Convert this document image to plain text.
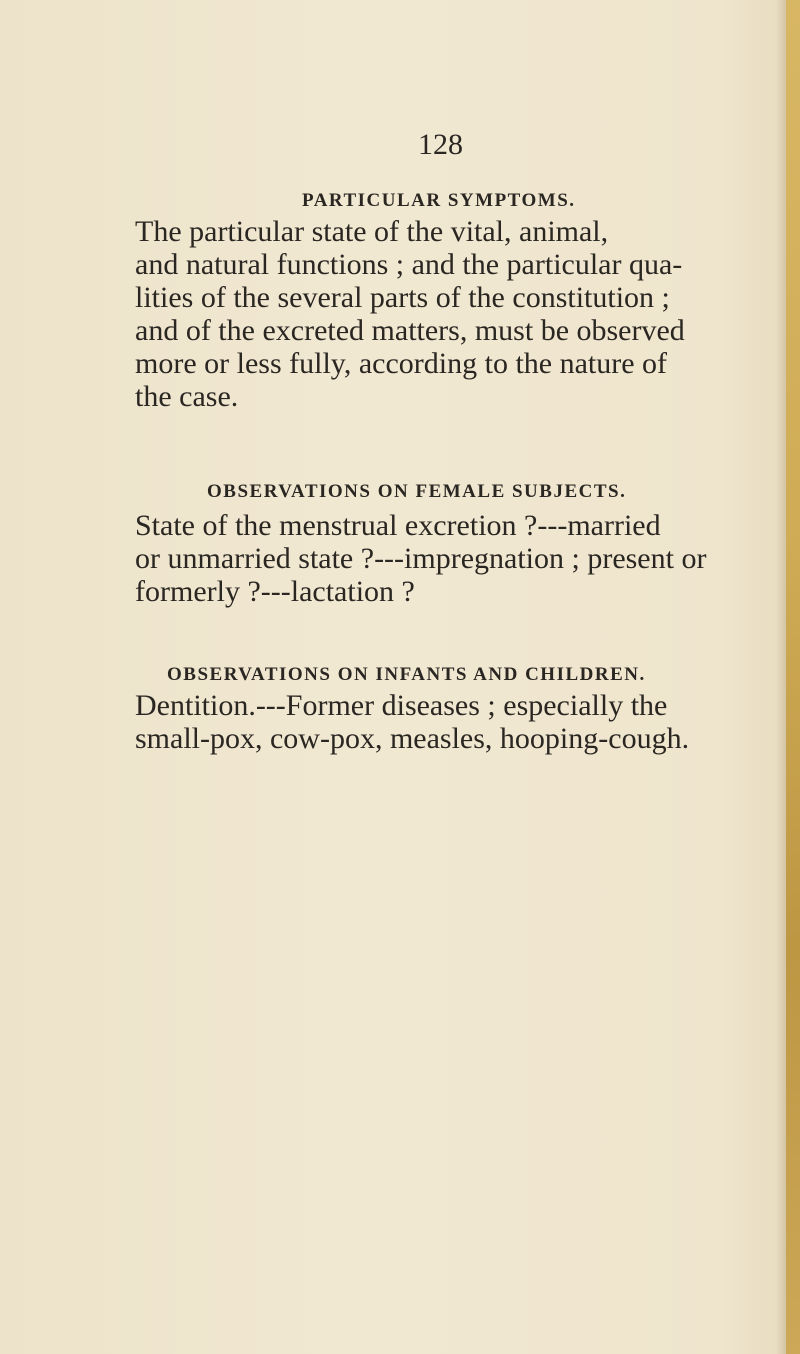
128
PARTICULAR SYMPTOMS.
The particular state of the vital, animal,
and natural functions ; and the particular qua-
lities of the several parts of the constitution ;
and of the excreted matters, must be observed
more or less fully, according to the nature of
the case.
OBSERVATIONS ON FEMALE SUBJECTS.
State of the menstrual excretion ?---married
or unmarried state ?---impregnation ; present or
formerly ?---lactation ?
OBSERVATIONS ON INFANTS AND CHILDREN.
Dentition.---Former diseases ; especially the
small-pox, cow-pox, measles, hooping-cough.
